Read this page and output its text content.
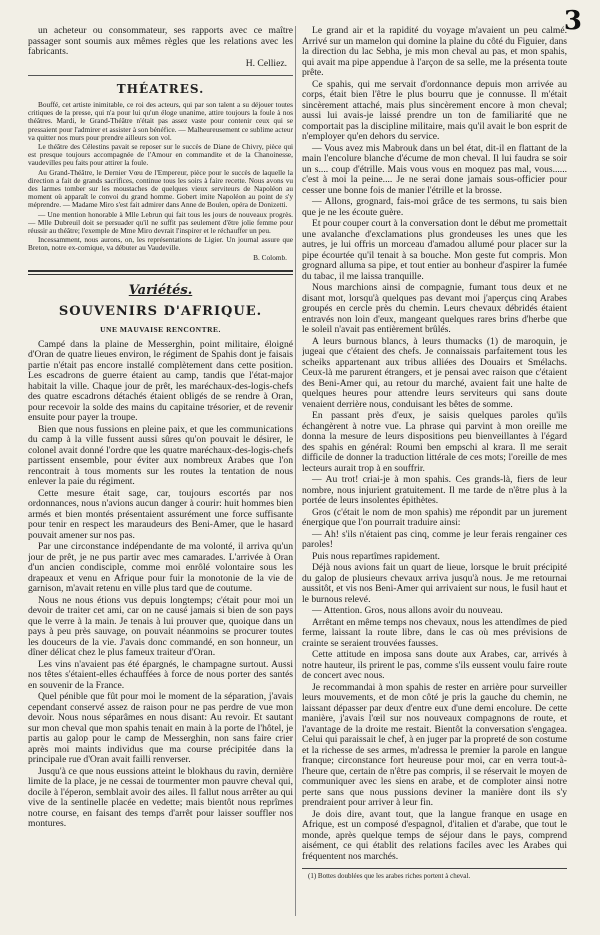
3

un acheteur ou consommateur, ses rapports avec ce maître passager sont soumis aux mêmes règles que les relations avec les fabricants.

H. Celliez.

THÉATRES.

Bouffé, cet artiste inimitable, ce roi des acteurs, qui par son talent a su déjouer toutes critiques de la presse, qui n'a pour lui qu'un éloge unanime, attire toujours la foule à nos théâtres. Mardi, le Grand-Théâtre n'était pas assez vaste pour contenir ceux qui se pressaient pour l'admirer et assister à son bénéfice. — Malheureusement ce sublime acteur va quitter nos murs pour prendre ailleurs son vol.

Le théâtre des Célestins pavait se reposer sur le succès de Diane de Chivry, pièce qui est presque toujours accompagnée de l'Amour en commandite et de la Chanoinesse, vaudevilles peu faits pour attirer la foule.

Au Grand-Théâtre, le Dernier Vœu de l'Empereur, pièce pour le succès de laquelle la direction a fait de grands sacrifices, continue tous les soirs à faire recette. Nous avons vu des larmes tomber sur les moustaches de quelques vieux serviteurs de Napoléon au moment où apparaît le convoi du grand homme. Gobert imite Napoléon au point de s'y méprendre. — Madame Miro s'est fait admirer dans Anne de Boulen, opéra de Donizetti.

— Une mention honorable à Mlle Lebrun qui fait tous les jours de nouveaux progrès. — Mlle Dubreuil doit se persuader qu'il ne suffit pas seulement d'être jolie femme pour réussir au théâtre; l'exemple de Mme Miro devrait l'inspirer et le réchauffer un peu.

Incessamment, nous aurons, on, les représentations de Ligier. Un journal assure que Breton, notre ex-comique, va débuter au Vaudeville.

B. Colomb.

Variétés.
SOUVENIRS D'AFRIQUE.
UNE MAUVAISE RENCONTRE.

Campé dans la plaine de Messerghin, point militaire, éloigné d'Oran de quatre lieues environ, le régiment de Spahis dont je faisais partie n'était pas encore installé complètement dans cette position. Les escadrons de guerre étaient au camp, tandis que l'état-major habitait la ville. Chaque jour de prêt, les maréchaux-des-logis-chefs des quatre escadrons détachés étaient obligés de se rendre à Oran, pour recevoir la solde des mains du capitaine trésorier, et de revenir ensuite pour payer la troupe.

Bien que nous fussions en pleine paix, et que les communications du camp à la ville fussent aussi sûres qu'on pouvait le désirer, le colonel avait donné l'ordre que les quatre maréchaux-des-logis-chefs partissent ensemble, pour éviter aux nombreux Arabes que l'on rencontrait à tous moments sur les routes la tentation de nous enlever la paie du régiment.

Cette mesure était sage, car, toujours escortés par nos ordonnances, nous n'avions aucun danger à courir: huit hommes bien armés et bien montés présentaient assurément une force suffisante pour tenir en respect les maraudeurs des Beni-Amer, que le hasard pouvait amener sur nos pas.

Par une circonstance indépendante de ma volonté, il arriva qu'un jour de prêt, je ne pus partir avec mes camarades. L'arrivée à Oran d'un ancien condisciple, comme moi enrôlé volontaire sous les drapeaux et venu en Afrique pour fuir la monotonie de la vie de garnison, m'avait retenu en ville plus tard que de coutume.

Nous ne nous étions vus depuis longtemps; c'était pour moi un devoir de traiter cet ami, car on ne causé jamais si bien de son pays que le verre à la main. Je tenais à lui prouver que, quoique dans un pays à peu près sauvage, on pouvait néanmoins se procurer toutes les douceurs de la vie. J'avais donc commandé, en son honneur, un dîner délicat chez le plus fameux traiteur d'Oran.

Les vins n'avaient pas été épargnés, le champagne surtout. Aussi nos têtes s'étaient-elles échauffées à force de nous porter des santés en souvenir de la France.

Quel pénible que fût pour moi le moment de la séparation, j'avais cependant conservé assez de raison pour ne pas perdre de vue mon devoir. Nous nous séparâmes en nous disant: Au revoir. Et sautant sur mon cheval que mon spahis tenait en main à la porte de l'hôtel, je partis au galop pour le camp de Messerghin, non sans faire crier après moi maints individus que ma course précipitée dans la principale rue d'Oran avait failli renverser.

Jusqu'à ce que nous eussions atteint le blokhaus du ravin, dernière limite de la place, je ne cessai de tourmenter mon pauvre cheval qui, docile à l'éperon, semblait avoir des ailes. Il fallut nous arrêter au qui vive de la sentinelle placée en vedette; mais bientôt nous reprîmes notre course, en faisant des temps d'arrêt pour laisser souffler nos montures.

Le grand air et la rapidité du voyage m'avaient un peu calmé. Arrivé sur un mamelon qui domine la plaine du côté du Figuier, dans la direction du lac Sebha, je mis mon cheval au pas, et mon spahis, qui avait ma pipe appendue à l'arçon de sa selle, me la présenta toute prête.

Ce spahis, qui me servait d'ordonnance depuis mon arrivée au corps, était bien l'être le plus bourru que je connusse. Il m'était sincèrement attaché, mais plus sincèrement encore à mon cheval; aussi lui avais-je laissé prendre un ton de familiarité que ne comportait pas la discipline militaire, mais qu'il avait le bon esprit de n'employer qu'en dehors du service.

— Vous avez mis Mabrouk dans un bel état, dit-il en flattant de la main l'encolure blanche d'écume de mon cheval. Il lui faudra se soir un s.... coup d'étrille. Mais vous vous en moquez pas mal, vous...... c'est à moi la peine.... Je ne serai done jamais sous-officier pour cesser une bonne fois de manier l'étrille et la brosse.

— Allons, grognard, fais-moi grâce de tes sermons, tu sais bien que je ne les écoute guère.

Et pour couper court à la conversation dont le début me promettait une avalanche d'exclamations plus grondeuses les unes que les autres, je lui offris un morceau d'amadou allumé pour placer sur la pipe écourtée qu'il tenait à sa bouche. Mon geste fut compris. Mon grognard alluma sa pipe, et tout entier au bonheur d'aspirer la fumée du tabac, il me laissa tranquille.

Nous marchions ainsi de compagnie, fumant tous deux et ne disant mot, lorsqu'à quelques pas devant moi j'aperçus cinq Arabes groupés en cercle près du chemin. Leurs chevaux débridés étaient entravés non loin d'eux, mangeant quelques rares brins d'herbe que le soleil n'avait pas entièrement brûlés.

A leurs burnous blancs, à leurs thumacks (1) de maroquin, je jugeai que c'étaient des chefs. Je connaissais parfaitement tous les scheiks appartenant aux tribus alliées des Douairs et Smélachs. Ceux-là me parurent étrangers, et je pensai avec raison que c'étaient des Beni-Amer qui, au retour du marché, avaient fait une halte de quelques heures pour attendre leurs serviteurs qui sans doute venaient derrière nous, conduisant les bêtes de somme.

En passant près d'eux, je saisis quelques paroles qu'ils échangèrent à notre vue. La phrase qui parvint à mon oreille me donna la mesure de leurs dispositions peu bienveillantes à l'égard des spahis en général: Roumi ben empschi al krara. Il me serait difficile de donner la traduction littérale de ces mots; l'oreille de mes lecteurs aurait trop à en souffrir.

— Au trot! criai-je à mon spahis. Ces grands-là, fiers de leur nombre, nous injurient gratuitement. Il me tarde de n'être plus à la portée de leurs insolentes épithètes.

Gros (c'était le nom de mon spahis) me répondit par un jurement énergique que l'on pourrait traduire ainsi:

— Ah! s'ils n'étaient pas cinq, comme je leur ferais rengainer ces paroles!

Puis nous repartîmes rapidement.

Déjà nous avions fait un quart de lieue, lorsque le bruit précipité du galop de plusieurs chevaux arriva jusqu'à nous. Je me retournai aussitôt, et vis nos Beni-Amer qui arrivaient sur nous, le fusil haut et le burnous relevé.

— Attention. Gros, nous allons avoir du nouveau.

Arrêtant en même temps nos chevaux, nous les attendîmes de pied ferme, laissant la route libre, dans le cas où mes prévisions de crainte se seraient trouvées fausses.

Cette attitude en imposa sans doute aux Arabes, car, arrivés à notre hauteur, ils prirent le pas, comme s'ils eussent voulu faire route de concert avec nous.

Je recommandai à mon spahis de rester en arrière pour surveiller leurs mouvements, et de mon côté je pris la gauche du chemin, ne laissant dépasser par deux d'entre eux d'une demi encolure. De cette manière, j'avais l'œil sur nos nouveaux compagnons de route, et l'avantage de la droite me restait. Bientôt la conversation s'engagea. Celui qui paraissait le chef, à en juger par la propreté de son costume et la richesse de ses armes, m'adressa le premier la parole en langue franque; circonstance fort heureuse pour moi, car en verra tout-à-l'heure que, certain de n'être pas compris, il se réservait le moyen de communiquer avec les siens en arabe, et de comploter ainsi notre perte sans que nous pussions deviner la manière dont ils s'y prendraient pour arriver à leur fin.

Je dois dire, avant tout, que la langue franque en usage en Afrique, est un composé d'espagnol, d'italien et d'arabe, que tout le monde, après quelque temps de séjour dans le pays, comprend aisément, ce qui établit des relations faciles avec les Arabes qui fréquentent nos marchés.

(1) Bottes doublées que les arabes riches portent à cheval.
